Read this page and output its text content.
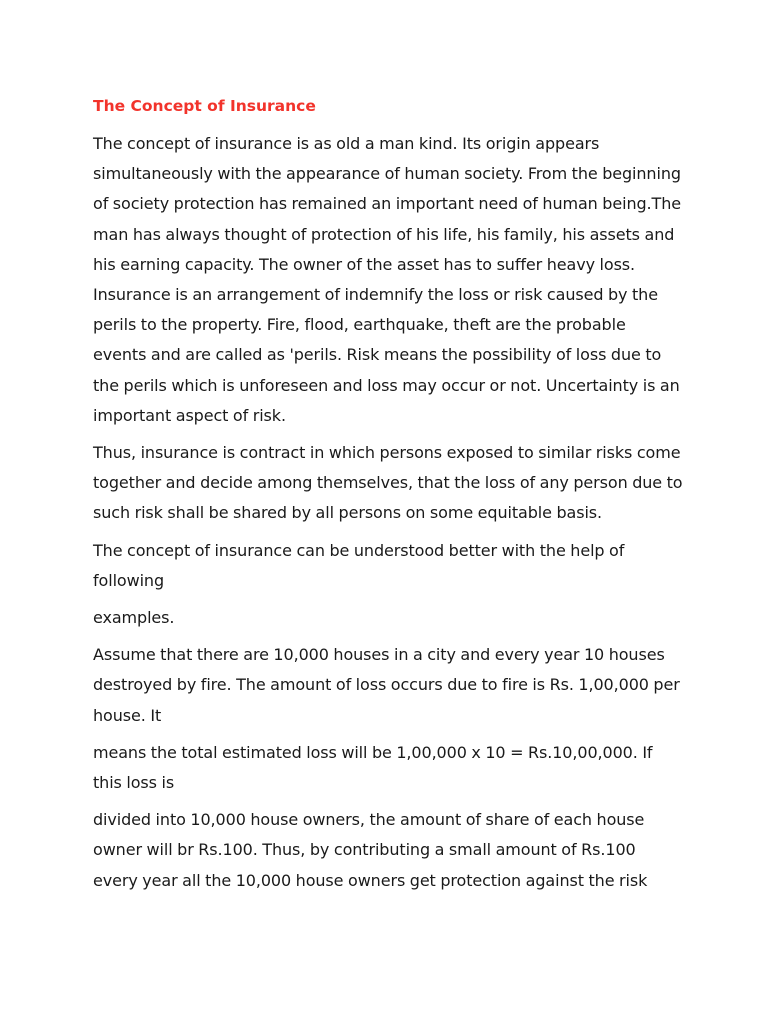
The Concept of Insurance

The concept of insurance is as old a man kind. Its origin appears simultaneously with the appearance of human society. From the beginning of society protection has remained an important need of human being.The man has always thought of protection of his life, his family, his assets and his earning capacity. The owner of the asset has to suffer heavy loss. Insurance is an arrangement of indemnify the loss or risk caused by the perils to the property. Fire, flood, earthquake, theft are the probable events and are called as 'perils. Risk means the possibility of loss due to the perils which is unforeseen and loss may occur or not. Uncertainty is an important aspect of risk.

Thus, insurance is contract in which persons exposed to similar risks come together and decide among themselves, that the loss of any person due to such risk shall be shared by all persons on some equitable basis.

The concept of insurance can be understood better with the help of following

examples.

Assume that there are 10,000 houses in a city and every year 10 houses destroyed by fire. The amount of loss occurs due to fire is Rs. 1,00,000 per house. It

means the total estimated loss will be 1,00,000 x 10 = Rs.10,00,000. If this loss is

divided into 10,000 house owners, the amount of share of each house owner will br Rs.100. Thus, by contributing a small amount of Rs.100 every year all the 10,000 house owners get protection against the risk
